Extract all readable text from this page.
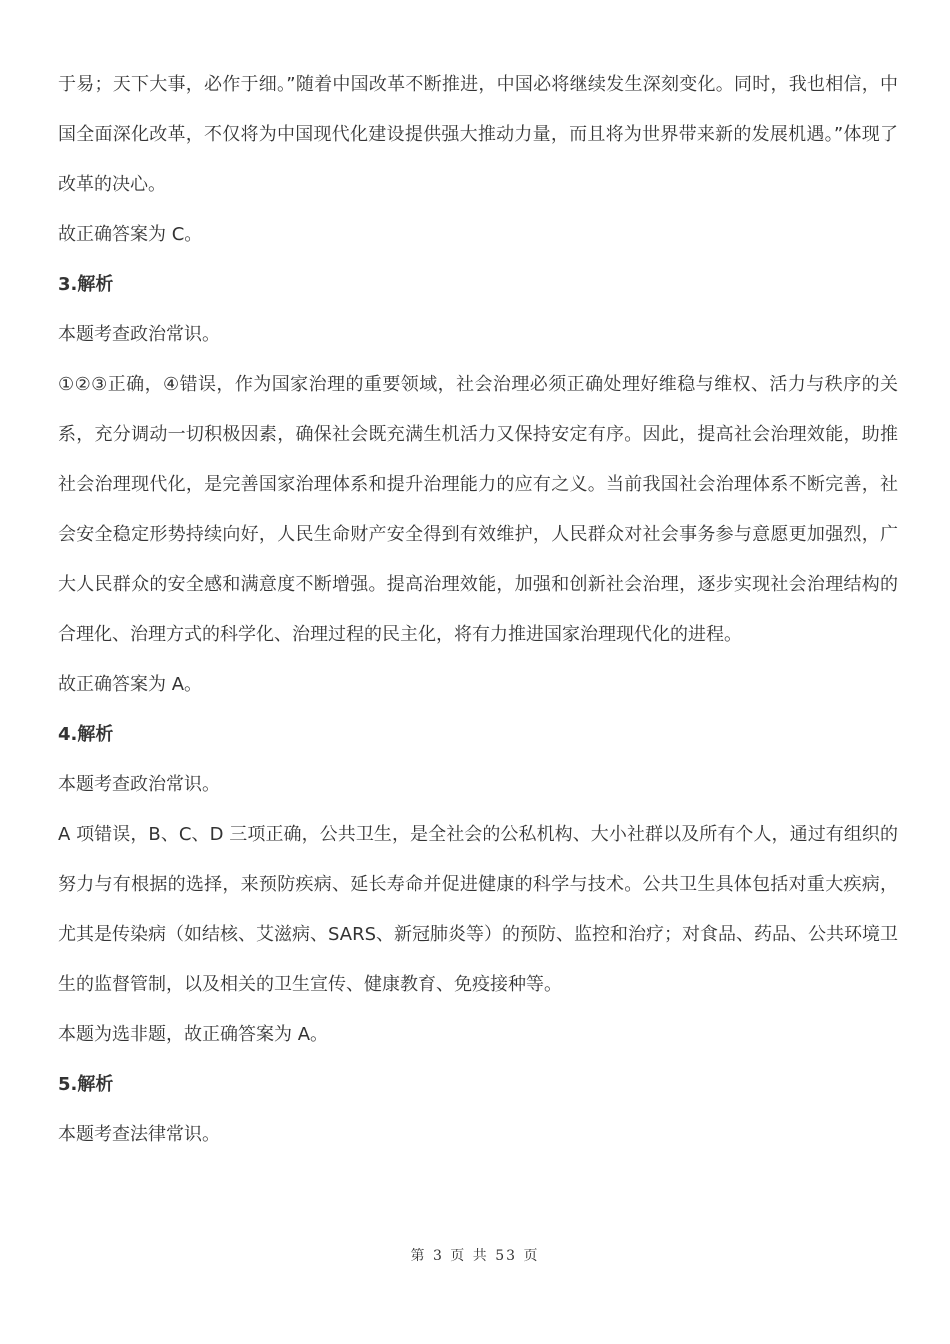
于易；天下大事，必作于细。”随着中国改革不断推进，中国必将继续发生深刻变化。同时，我也相信，中国全面深化改革，不仅将为中国现代化建设提供强大推动力量，而且将为世界带来新的发展机遇。”体现了改革的决心。

故正确答案为 C。

3.解析

本题考查政治常识。

①②③正确，④错误，作为国家治理的重要领域，社会治理必须正确处理好维稳与维权、活力与秩序的关系，充分调动一切积极因素，确保社会既充满生机活力又保持安定有序。因此，提高社会治理效能，助推社会治理现代化，是完善国家治理体系和提升治理能力的应有之义。当前我国社会治理体系不断完善，社会安全稳定形势持续向好，人民生命财产安全得到有效维护，人民群众对社会事务参与意愿更加强烈，广大人民群众的安全感和满意度不断增强。提高治理效能，加强和创新社会治理，逐步实现社会治理结构的合理化、治理方式的科学化、治理过程的民主化，将有力推进国家治理现代化的进程。

故正确答案为 A。

4.解析

本题考查政治常识。

A 项错误，B、C、D 三项正确，公共卫生，是全社会的公私机构、大小社群以及所有个人，通过有组织的努力与有根据的选择，来预防疾病、延长寿命并促进健康的科学与技术。公共卫生具体包括对重大疾病，尤其是传染病（如结核、艾滋病、SARS、新冠肺炎等）的预防、监控和治疗；对食品、药品、公共环境卫生的监督管制，以及相关的卫生宣传、健康教育、免疫接种等。

本题为选非题，故正确答案为 A。

5.解析

本题考查法律常识。

第 3 页 共 53 页
